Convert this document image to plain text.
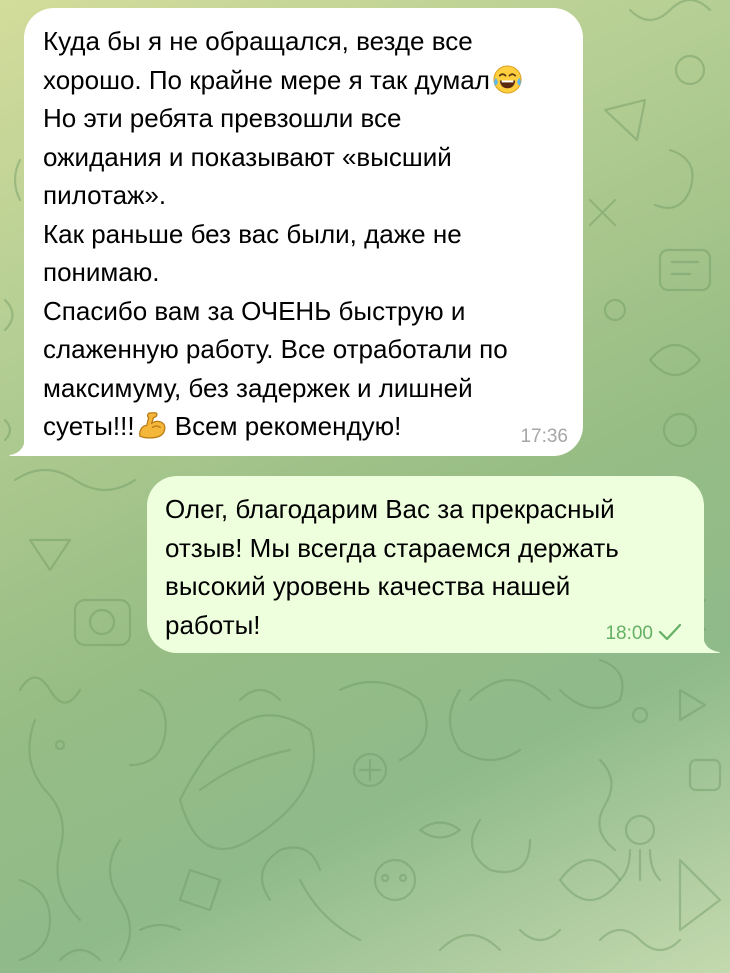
Куда бы я не обращался, везде все
хорошо. По крайне мере я так думал
Но эти ребята превзошли все
ожидания и показывают «высший
пилотаж».
Как раньше без вас были, даже не
понимаю.
Спасибо вам за ОЧЕНЬ быструю и
слаженную работу. Все отработали по
максимуму, без задержек и лишней
суеты!!! Всем рекомендую!	17:36
Олег, благодарим Вас за прекрасный
отзыв! Мы всегда стараемся держать
высокий уровень качества нашей
работы!	18:00
